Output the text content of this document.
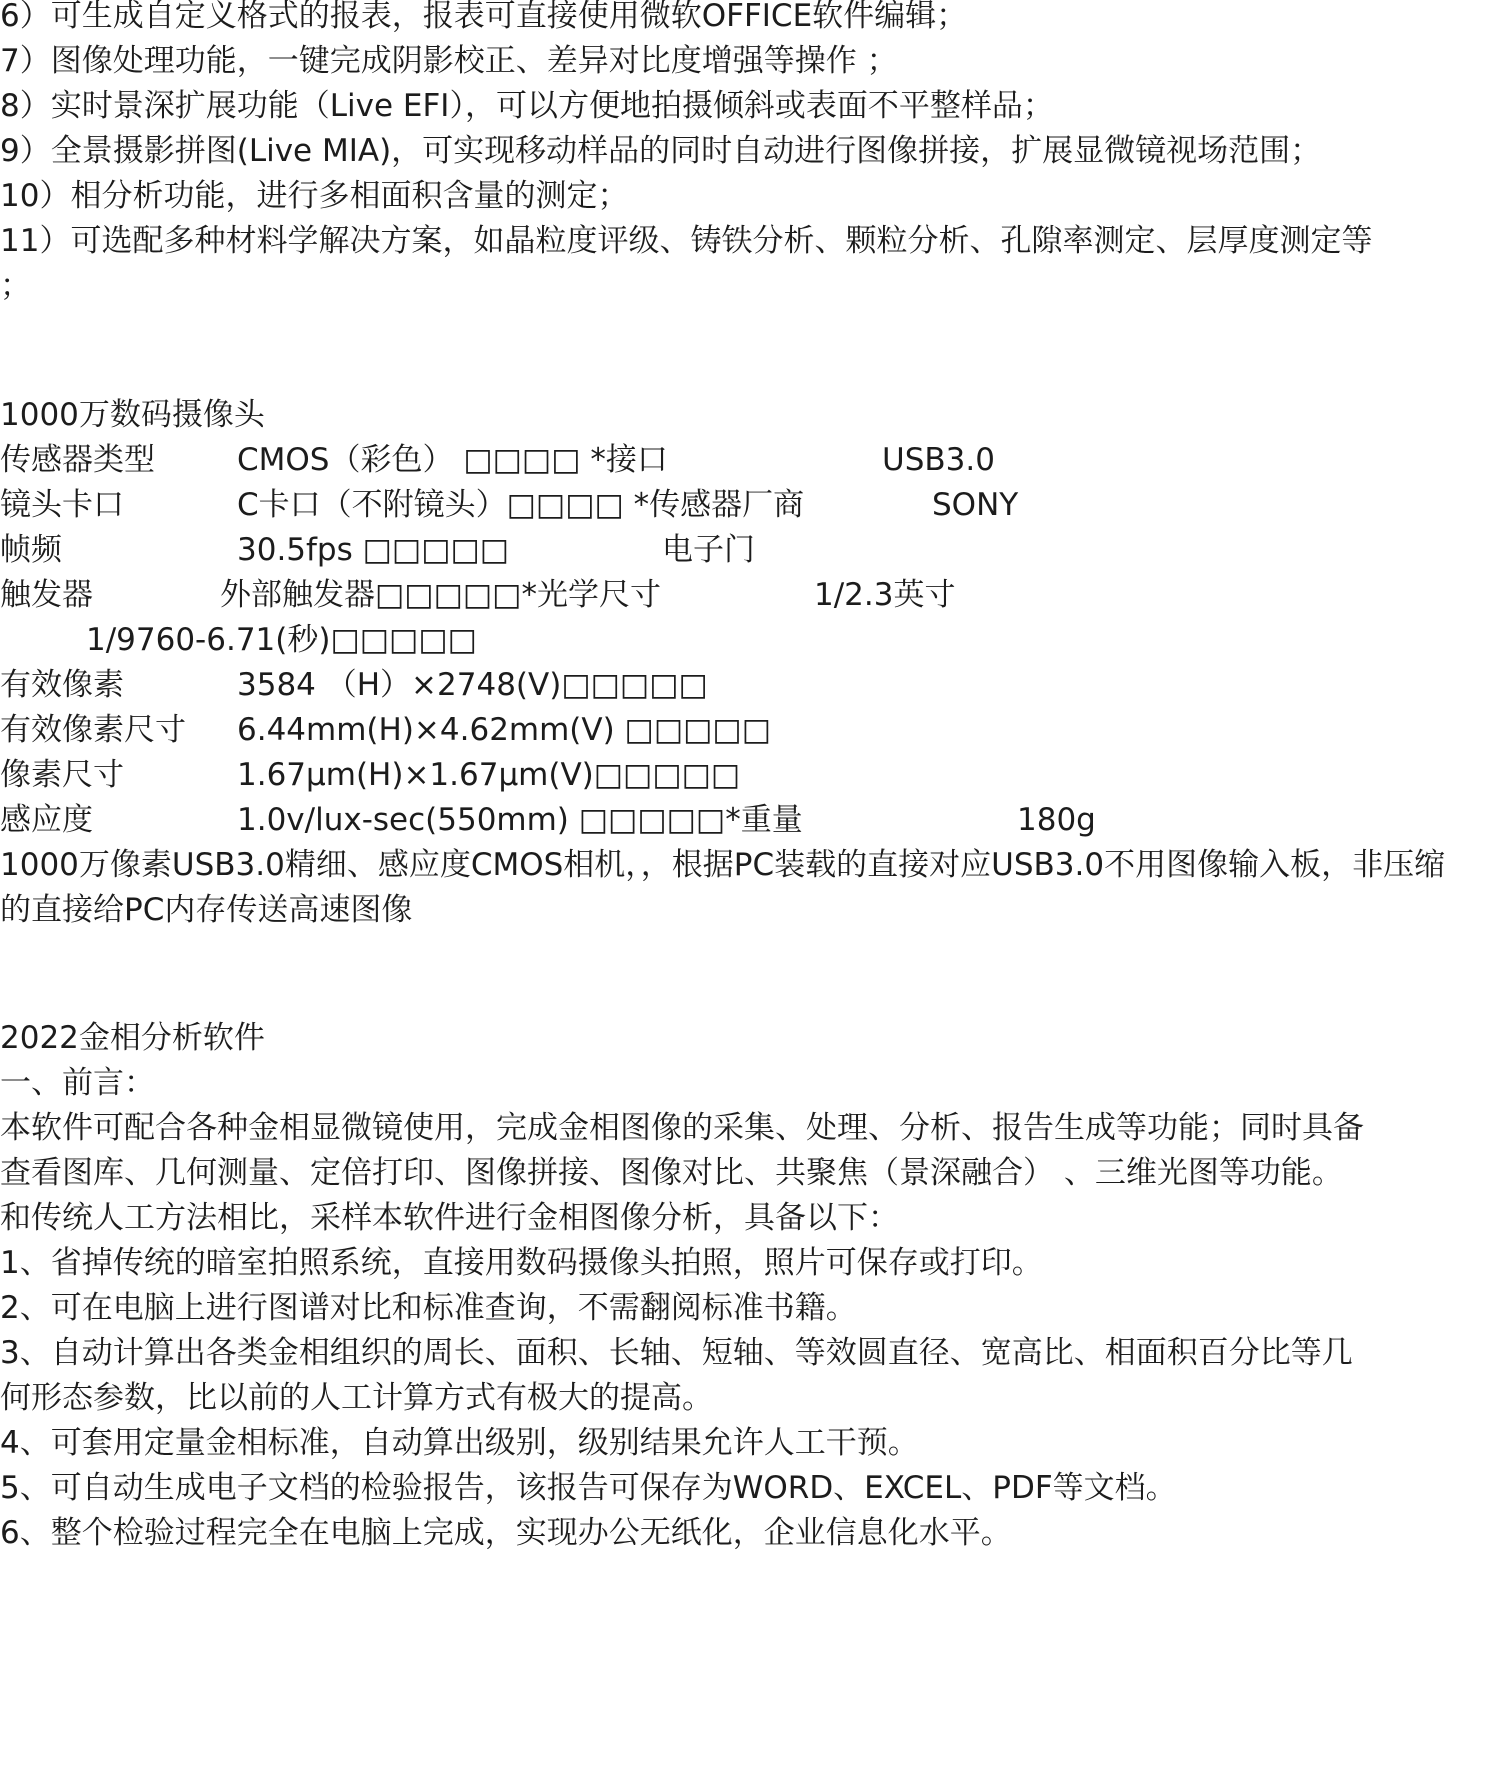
6）可生成自定义格式的报表，报表可直接使用微软OFFICE软件编辑；

7）图像处理功能，一键完成阴影校正、差异对比度增强等操作 ；

8）实时景深扩展功能（Live EFI），可以方便地拍摄倾斜或表面不平整样品；

9）全景摄影拼图(Live MIA)，可实现移动样品的同时自动进行图像拼接，扩展显微镜视场范围；

10）相分析功能，进行多相面积含量的测定；

11）可选配多种材料学解决方案，如晶粒度评级、铸铁分析、颗粒分析、孔隙率测定、层厚度测定等

；

1000万数码摄像头

传感器类型	CMOS（彩色） □□□□ *接口	USB3.0
镜头卡口	C卡口（不附镜头）□□□□ *传感器厂商	SONY
帧频	30.5fps □□□□□	电子门
触发器	外部触发器□□□□□*光学尺寸	1/2.3英寸
1/9760-6.71(秒)□□□□□
有效像素	3584 （H）×2748(V)□□□□□
有效像素尺寸 6.44mm(H)×4.62mm(V) □□□□□
像素尺寸	1.67μm(H)×1.67μm(V)□□□□□
感应度	1.0v/lux-sec(550mm) □□□□□*重量	180g

1000万像素USB3.0精细、感应度CMOS相机，，根据PC装载的直接对应USB3.0不用图像输入板，非压缩

的直接给PC内存传送高速图像

2022金相分析软件

一、前言：

本软件可配合各种金相显微镜使用，完成金相图像的采集、处理、分析、报告生成等功能；同时具备

查看图库、几何测量、定倍打印、图像拼接、图像对比、共聚焦（景深融合） 、三维光图等功能。

和传统人工方法相比，采样本软件进行金相图像分析，具备以下：

1、省掉传统的暗室拍照系统，直接用数码摄像头拍照，照片可保存或打印。

2、可在电脑上进行图谱对比和标准查询，不需翻阅标准书籍。

3、自动计算出各类金相组织的周长、面积、长轴、短轴、等效圆直径、宽高比、相面积百分比等几

何形态参数，比以前的人工计算方式有极大的提高。

4、可套用定量金相标准，自动算出级别，级别结果允许人工干预。

5、可自动生成电子文档的检验报告，该报告可保存为WORD、EXCEL、PDF等文档。

6、整个检验过程完全在电脑上完成，实现办公无纸化，企业信息化水平。
